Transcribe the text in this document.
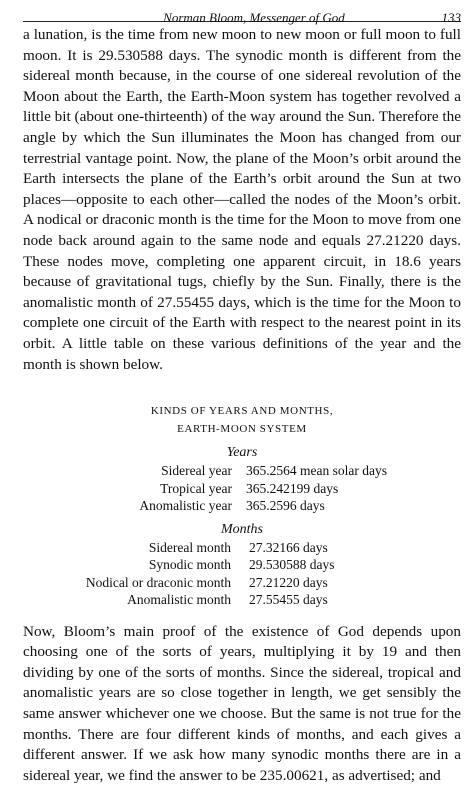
Norman Bloom, Messenger of God	133

a lunation, is the time from new moon to new moon or full moon to full moon. It is 29.530588 days. The synodic month is different from the sidereal month because, in the course of one sidereal revolution of the Moon about the Earth, the Earth-Moon system has together revolved a little bit (about one-thirteenth) of the way around the Sun. Therefore the angle by which the Sun illuminates the Moon has changed from our terrestrial vantage point. Now, the plane of the Moon’s orbit around the Earth intersects the plane of the Earth’s orbit around the Sun at two places—opposite to each other—called the nodes of the Moon’s orbit. A nodical or draconic month is the time for the Moon to move from one node back around again to the same node and equals 27.21220 days. These nodes move, completing one apparent circuit, in 18.6 years because of gravitational tugs, chiefly by the Sun. Finally, there is the anomalistic month of 27.55455 days, which is the time for the Moon to complete one circuit of the Earth with respect to the nearest point in its orbit. A little table on these various definitions of the year and the month is shown below.

KINDS OF YEARS AND MONTHS,
EARTH-MOON SYSTEM
Years
Sidereal year	365.2564 mean solar days
Tropical year	365.242199 days
Anomalistic year	365.2596 days
Months
Sidereal month	27.32166 days
Synodic month	29.530588 days
Nodical or draconic month	27.21220 days
Anomalistic month	27.55455 days

Now, Bloom’s main proof of the existence of God depends upon choosing one of the sorts of years, multiplying it by 19 and then dividing by one of the sorts of months. Since the sidereal, tropical and anomalistic years are so close together in length, we get sensibly the same answer whichever one we choose. But the same is not true for the months. There are four different kinds of months, and each gives a different answer. If we ask how many synodic months there are in a sidereal year, we find the answer to be 235.00621, as advertised; and
